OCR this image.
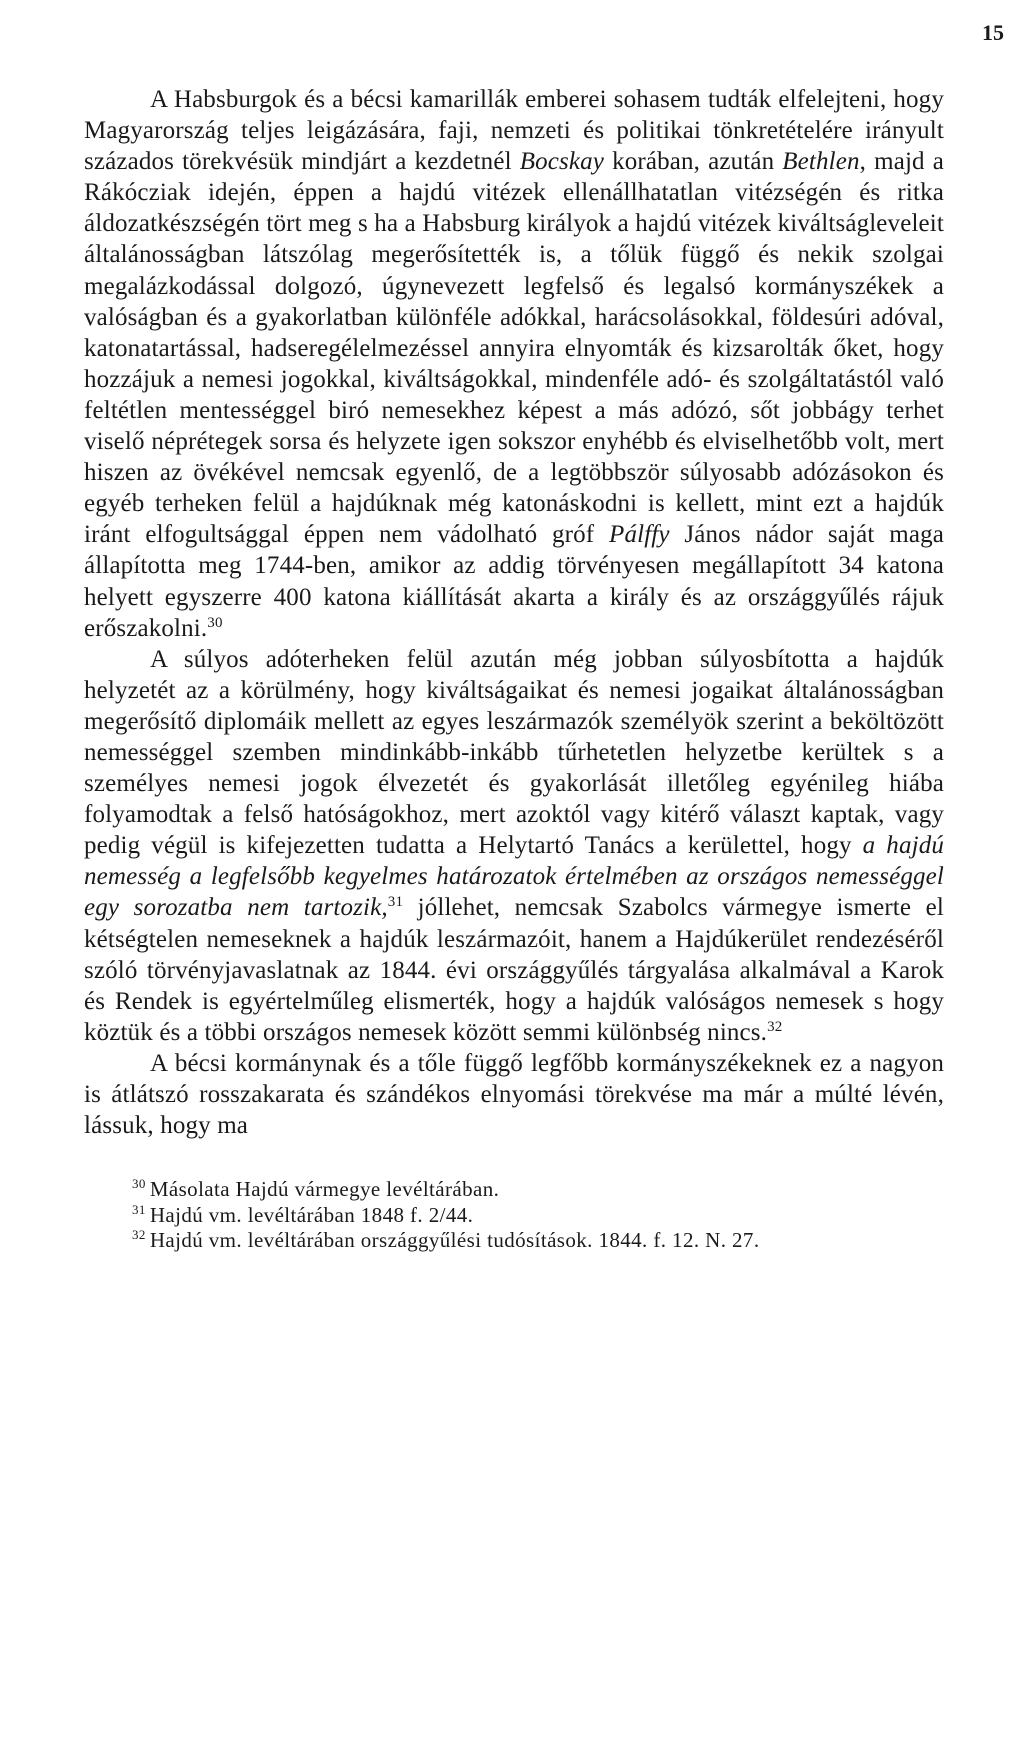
15

A Habsburgok és a bécsi kamarillák emberei sohasem tudták elfelejteni, hogy Magyarország teljes leigázására, faji, nemzeti és politikai tönkretételére irányult százados törekvésük mindjárt a kezdetnél Bocskay korában, azután Bethlen, majd a Rákócziak idején, éppen a hajdú vitézek ellenállhatatlan vitézségén és ritka áldozatkészségén tört meg s ha a Habsburg királyok a hajdú vitézek kiváltságleveleit általánosságban látszólag megerősítették is, a tőlük függő és nekik szolgai megalázkodással dolgozó, úgynevezett legfelső és legalsó kormányszékek a valóságban és a gyakorlatban különféle adókkal, harácsolásokkal, földesúri adóval, katonatartással, hadseregélelmezéssel annyira elnyomták és kizsarolták őket, hogy hozzájuk a nemesi jogokkal, kiváltságokkal, mindenféle adó- és szolgáltatástól való feltétlen mentességgel biró nemesekhez képest a más adózó, sőt jobbágy terhet viselő néprétegek sorsa és helyzete igen sokszor enyhébb és elviselhetőbb volt, mert hiszen az övékével nemcsak egyenlő, de a legtöbbször súlyosabb adózásokon és egyéb terheken felül a hajdúknak még katonáskodni is kellett, mint ezt a hajdúk iránt elfogultsággal éppen nem vádolható gróf Pálffy János nádor saját maga állapította meg 1744-ben, amikor az addig törvényesen megállapított 34 katona helyett egyszerre 400 katona kiállítását akarta a király és az országgyűlés rájuk erőszakolni.$^{30}$

A súlyos adóterheken felül azután még jobban súlyosbította a hajdúk helyzetét az a körülmény, hogy kiváltságaikat és nemesi jogaikat általánosságban megerősítő diplomáik mellett az egyes leszármazók személyök szerint a beköltözött nemességgel szemben mindinkább-inkább tűrhetetlen helyzetbe kerültek s a személyes nemesi jogok élvezetét és gyakorlását illetőleg egyénileg hiába folyamodtak a felső hatóságokhoz, mert azoktól vagy kitérő választ kaptak, vagy pedig végül is kifejezetten tudatta a Helytartó Tanács a kerülettel, hogy a hajdú nemesség a legfelsőbb kegyelmes határozatok értelmében az országos nemességgel egy sorozatba nem tartozik,$^{31}$ jóllehet, nemcsak Szabolcs vármegye ismerte el kétségtelen nemeseknek a hajdúk leszármazóit, hanem a Hajdúkerület rendezéséről szóló törvényjavaslatnak az 1844. évi országgyűlés tárgyalása alkalmával a Karok és Rendek is egyértelműleg elismerték, hogy a hajdúk valóságos nemesek s hogy köztük és a többi országos nemesek között semmi különbség nincs.$^{32}$

A bécsi kormánynak és a tőle függő legfőbb kormányszékeknek ez a nagyon is átlátszó rosszakarata és szándékos elnyomási törekvése ma már a múlté lévén, lássuk, hogy ma

$^{30}$ Másolata Hajdú vármegye levéltárában.

$^{31}$ Hajdú vm. levéltárában 1848 f. 2/44.

$^{32}$ Hajdú vm. levéltárában országgyűlési tudósítások. 1844. f. 12. N. 27.
